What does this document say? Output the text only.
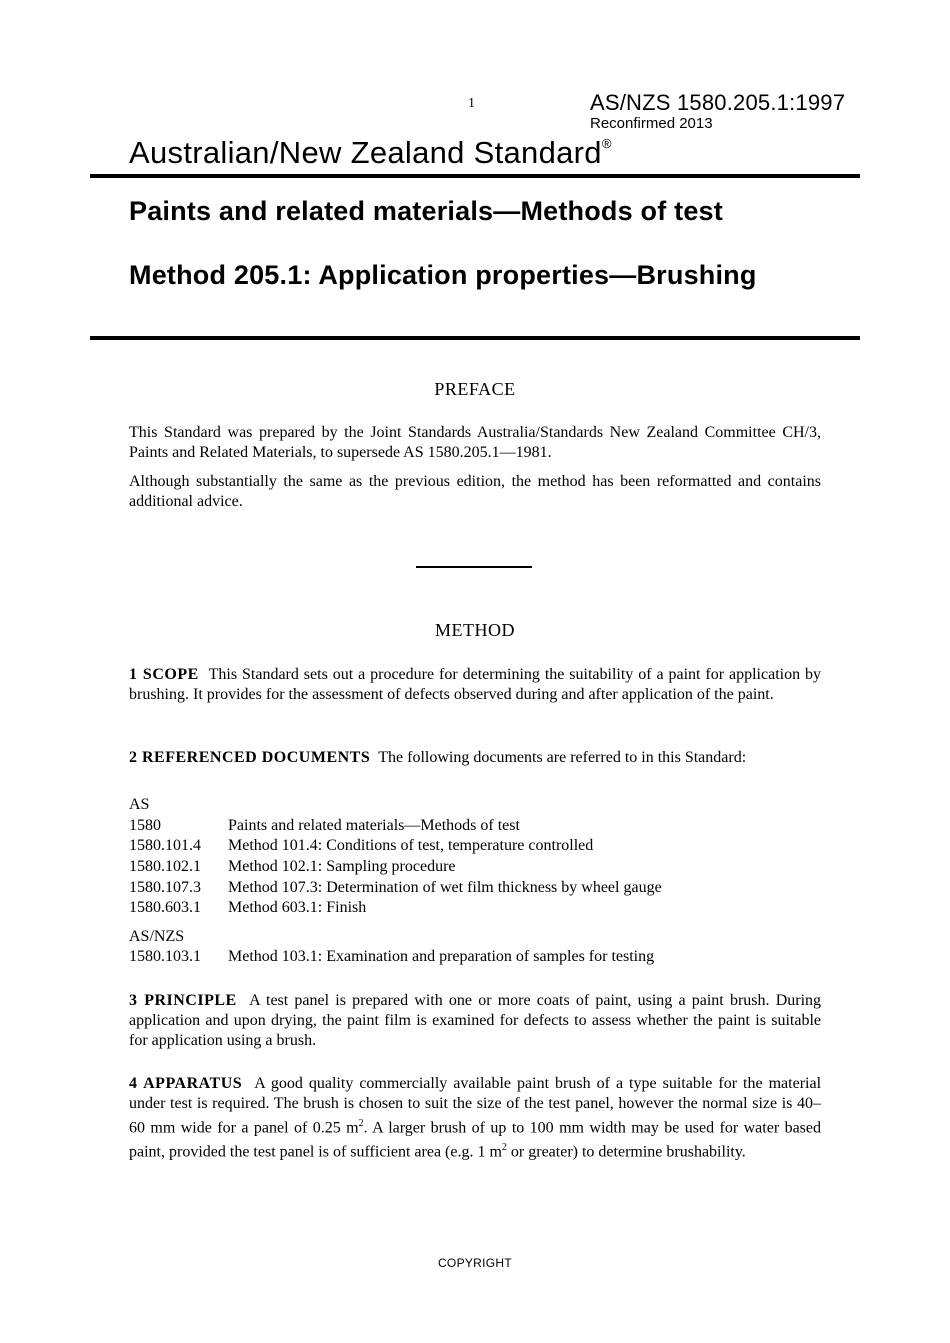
1	AS/NZS 1580.205.1:1997
Reconfirmed 2013
Australian/New Zealand Standard®
Paints and related materials—Methods of test
Method 205.1: Application properties—Brushing
PREFACE
This Standard was prepared by the Joint Standards Australia/Standards New Zealand Committee CH/3, Paints and Related Materials, to supersede AS 1580.205.1—1981.
Although substantially the same as the previous edition, the method has been reformatted and contains additional advice.
METHOD
1 SCOPE This Standard sets out a procedure for determining the suitability of a paint for application by brushing. It provides for the assessment of defects observed during and after application of the paint.
2 REFERENCED DOCUMENTS The following documents are referred to in this Standard:
AS
1580	Paints and related materials—Methods of test
1580.101.4 Method 101.4: Conditions of test, temperature controlled
1580.102.1 Method 102.1: Sampling procedure
1580.107.3 Method 107.3: Determination of wet film thickness by wheel gauge
1580.603.1 Method 603.1: Finish
AS/NZS
1580.103.1 Method 103.1: Examination and preparation of samples for testing
3 PRINCIPLE A test panel is prepared with one or more coats of paint, using a paint brush. During application and upon drying, the paint film is examined for defects to assess whether the paint is suitable for application using a brush.
4 APPARATUS A good quality commercially available paint brush of a type suitable for the material under test is required. The brush is chosen to suit the size of the test panel, however the normal size is 40–60 mm wide for a panel of 0.25 $m^2$. A larger brush of up to 100 mm width may be used for water based paint, provided the test panel is of sufficient area (e.g. 1 $m^2$ or greater) to determine brushability.
COPYRIGHT
